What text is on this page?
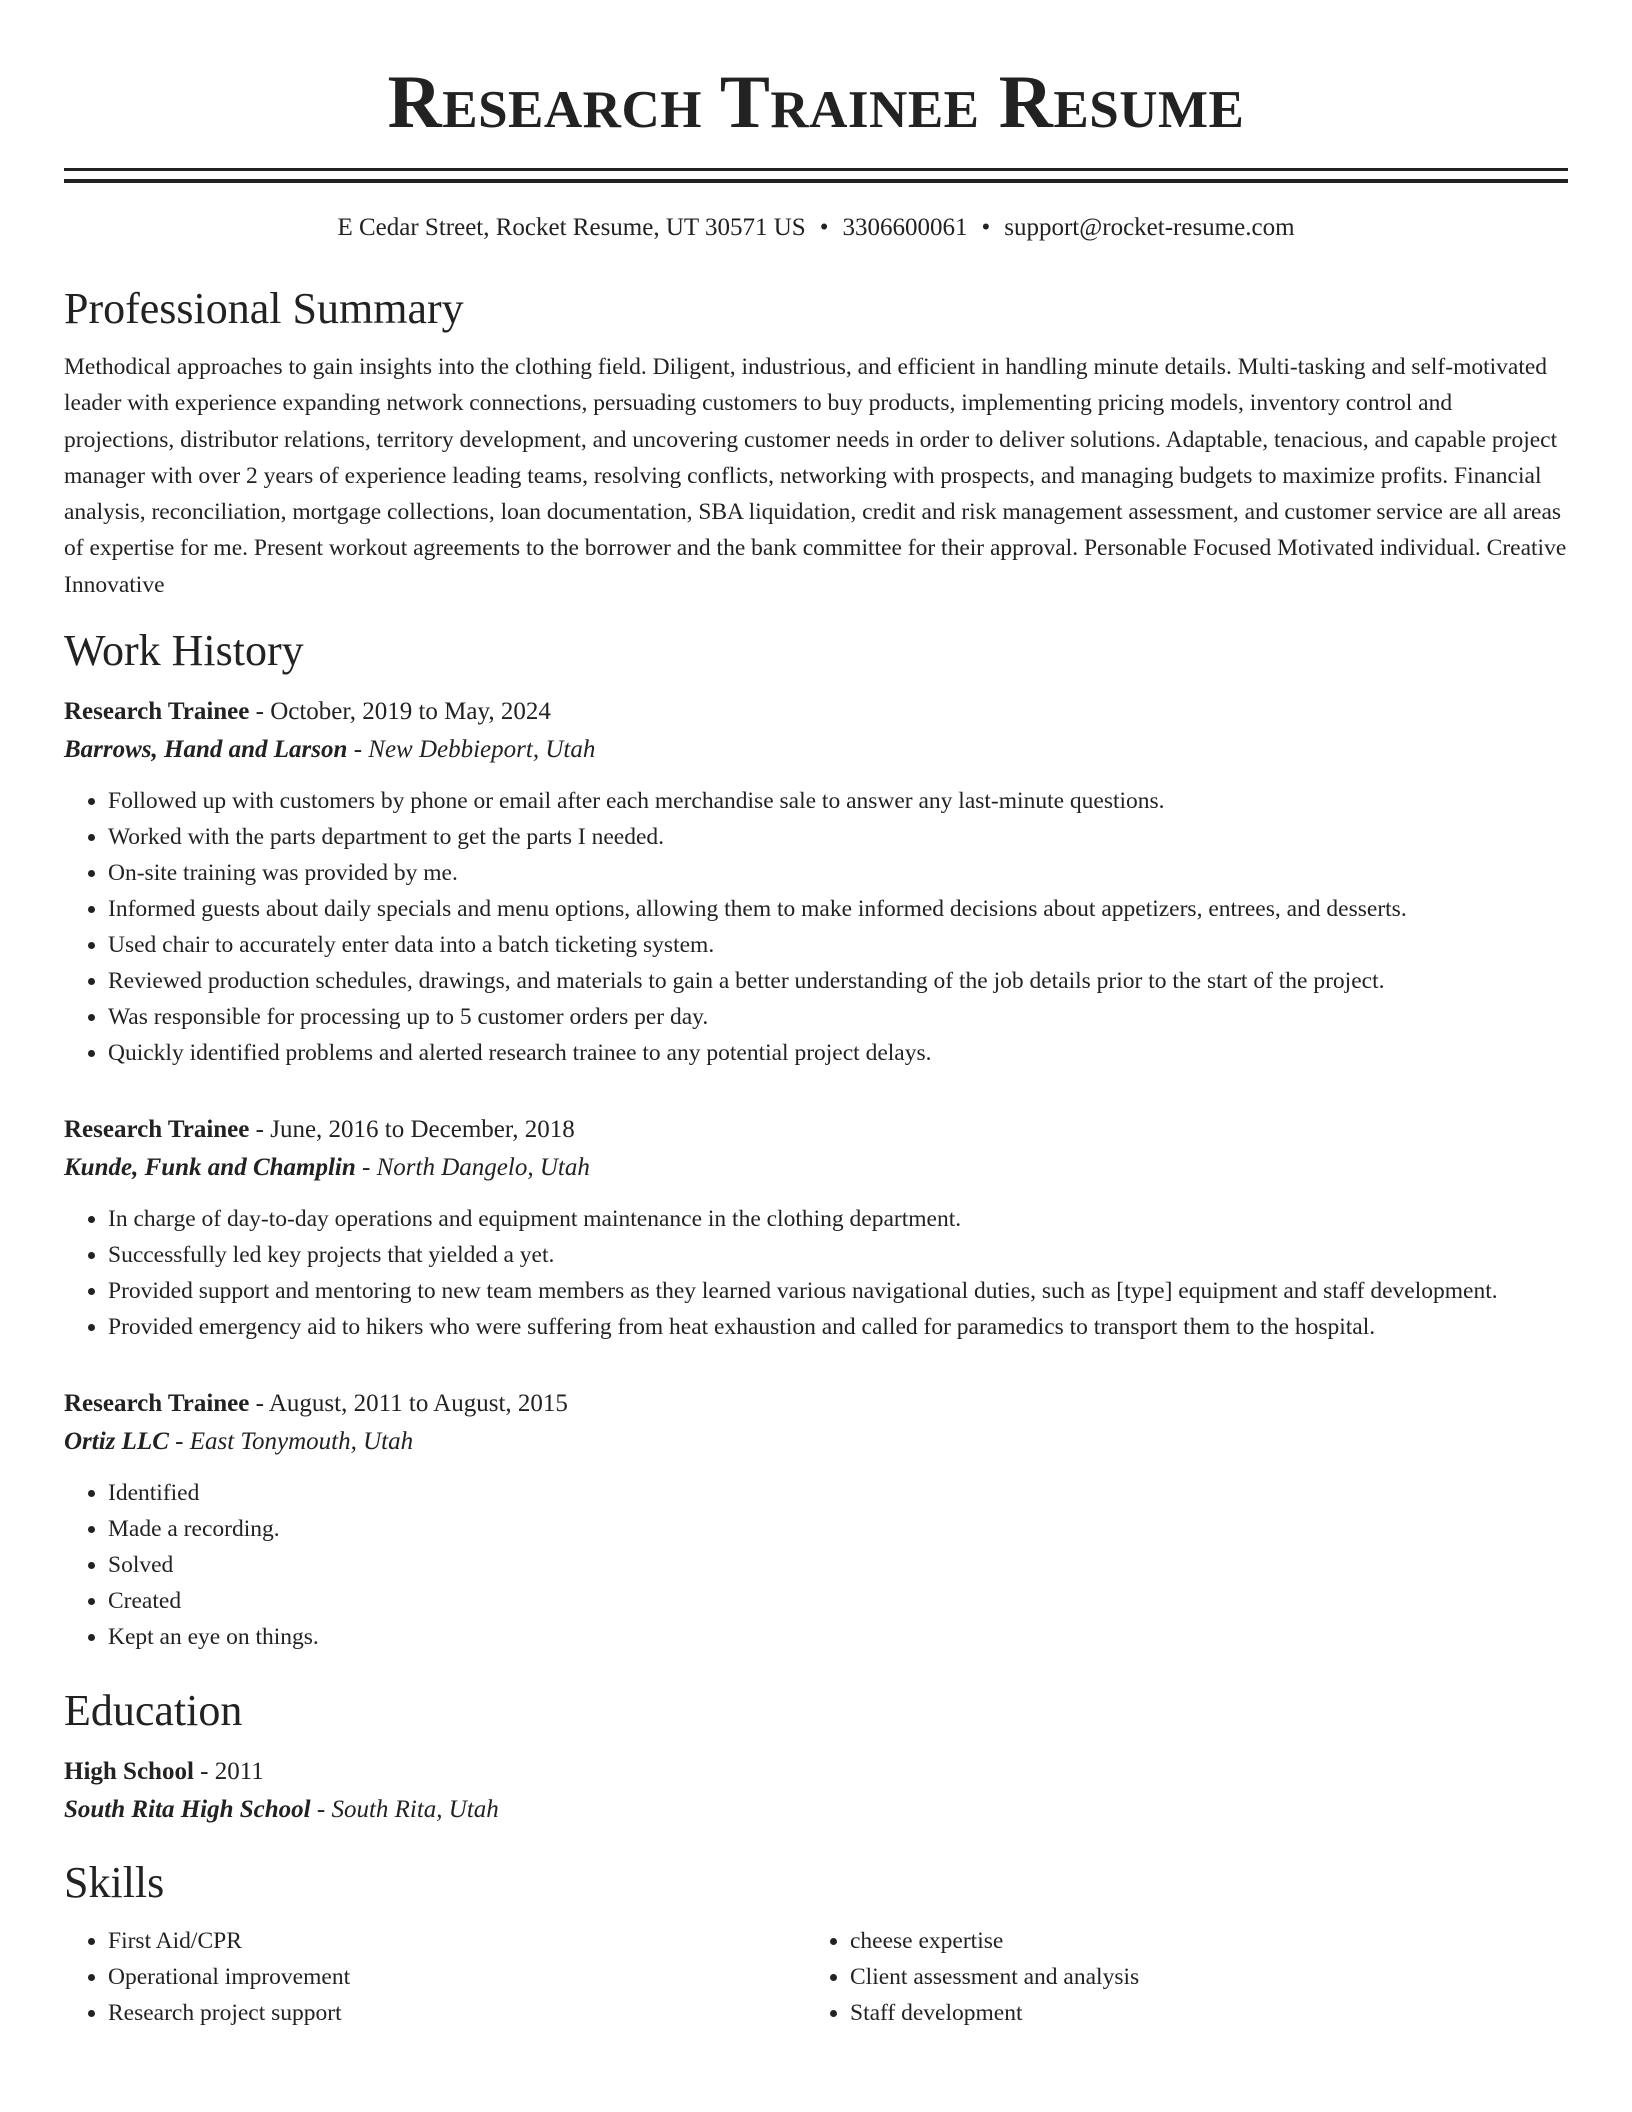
Research Trainee Resume
E Cedar Street, Rocket Resume, UT 30571 US • 3306600061 • support@rocket-resume.com
Professional Summary

Methodical approaches to gain insights into the clothing field. Diligent, industrious, and efficient in handling minute details. Multi-tasking and self-motivated leader with experience expanding network connections, persuading customers to buy products, implementing pricing models, inventory control and projections, distributor relations, territory development, and uncovering customer needs in order to deliver solutions. Adaptable, tenacious, and capable project manager with over 2 years of experience leading teams, resolving conflicts, networking with prospects, and managing budgets to maximize profits. Financial analysis, reconciliation, mortgage collections, loan documentation, SBA liquidation, credit and risk management assessment, and customer service are all areas of expertise for me. Present workout agreements to the borrower and the bank committee for their approval. Personable Focused Motivated individual. Creative Innovative

Work History
Research Trainee - October, 2019 to May, 2024
Barrows, Hand and Larson - New Debbieport, Utah
• Followed up with customers by phone or email after each merchandise sale to answer any last-minute questions.
• Worked with the parts department to get the parts I needed.
• On-site training was provided by me.
• Informed guests about daily specials and menu options, allowing them to make informed decisions about appetizers, entrees, and desserts.
• Used chair to accurately enter data into a batch ticketing system.
• Reviewed production schedules, drawings, and materials to gain a better understanding of the job details prior to the start of the project.
• Was responsible for processing up to 5 customer orders per day.
• Quickly identified problems and alerted research trainee to any potential project delays.
Research Trainee - June, 2016 to December, 2018
Kunde, Funk and Champlin - North Dangelo, Utah
• In charge of day-to-day operations and equipment maintenance in the clothing department.
• Successfully led key projects that yielded a yet.
• Provided support and mentoring to new team members as they learned various navigational duties, such as [type] equipment and staff development.
• Provided emergency aid to hikers who were suffering from heat exhaustion and called for paramedics to transport them to the hospital.
Research Trainee - August, 2011 to August, 2015
Ortiz LLC - East Tonymouth, Utah
• Identified
• Made a recording.
• Solved
• Created
• Kept an eye on things.
Education
High School - 2011
South Rita High School - South Rita, Utah
Skills
• First Aid/CPR
• Operational improvement
• Research project support
• cheese expertise
• Client assessment and analysis
• Staff development
